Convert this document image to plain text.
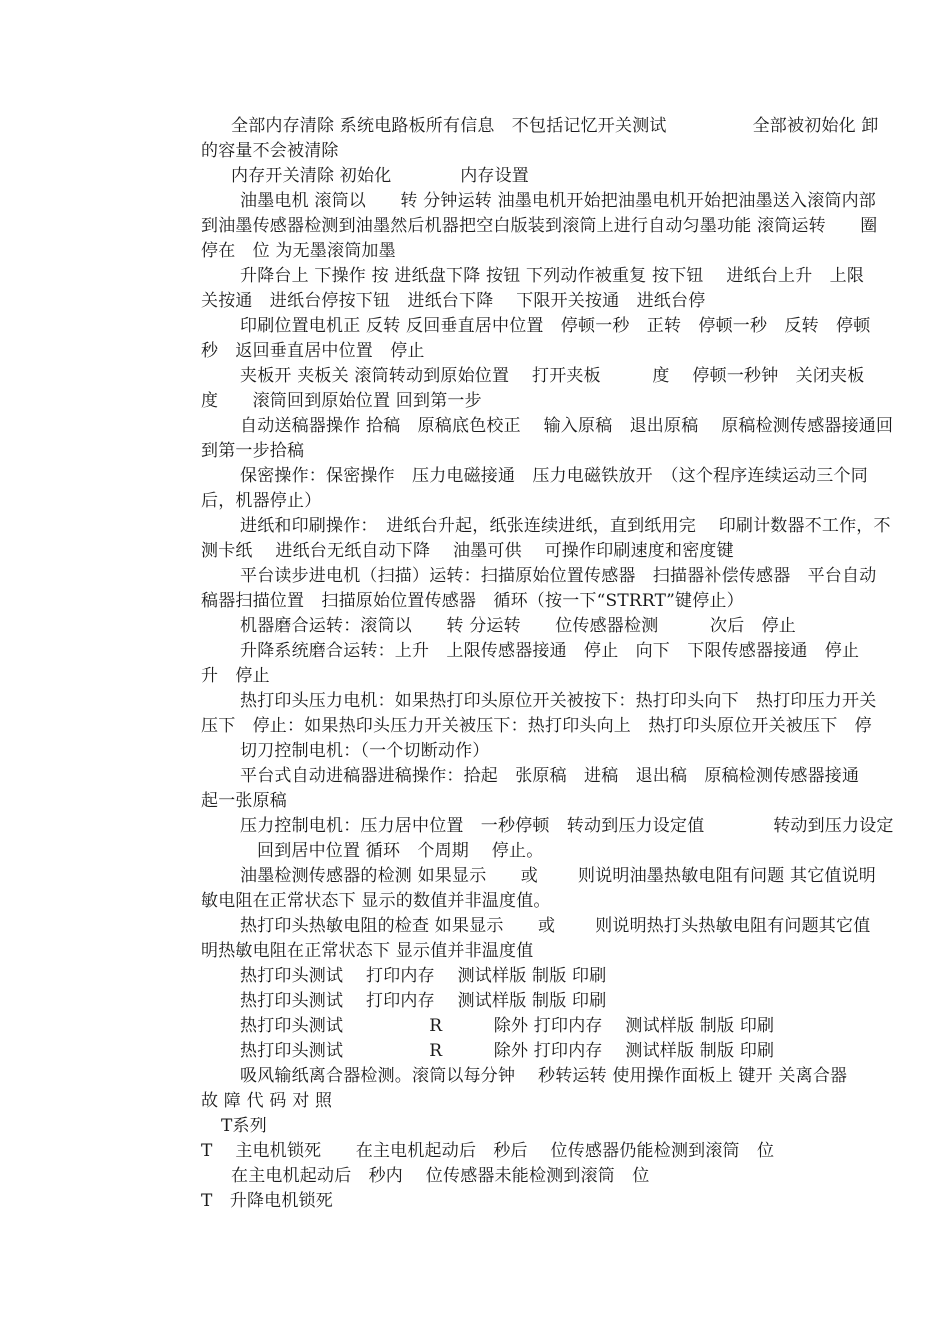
全部内存清除 系统电路板所有信息　不包括记忆开关测试　　　　　全部被初始化 卸
的容量不会被清除
内存开关清除 初始化　　　　内存设置
油墨电机 滚筒以　　转 分钟运转 油墨电机开始把油墨电机开始把油墨送入滚筒内部
到油墨传感器检测到油墨然后机器把空白版装到滚筒上进行自动匀墨功能 滚筒运转　　圈
停在　位 为无墨滚筒加墨
升降台上 下操作 按 进纸盘下降 按钮 下列动作被重复 按下钮　 进纸台上升　上限
关按通　进纸台停按下钮　进纸台下降　 下限开关按通　进纸台停
印刷位置电机正 反转 反回垂直居中位置　停顿一秒　正转　停顿一秒　反转　停顿
秒　返回垂直居中位置　停止
夹板开 夹板关 滚筒转动到原始位置　 打开夹板　　　度　 停顿一秒钟　关闭夹板
度　　滚筒回到原始位置 回到第一步
自动送稿器操作 拾稿　原稿底色校正　 输入原稿　退出原稿　 原稿检测传感器接通回
到第一步拾稿
保密操作：保密操作　压力电磁接通　压力电磁铁放开　（这个程序连续运动三个同
后，机器停止）
进纸和印刷操作：　进纸台升起，纸张连续进纸，直到纸用完　 印刷计数器不工作，不
测卡纸　 进纸台无纸自动下降　 油墨可供　 可操作印刷速度和密度键
平台读步进电机（扫描）运转：扫描原始位置传感器　扫描器补偿传感器　平台自动
稿器扫描位置　扫描原始位置传感器　循环（按一下“STRRT”键停止）
机器磨合运转：滚筒以　　转 分运转　　位传感器检测　　　次后　停止
升降系统磨合运转：上升　上限传感器接通　停止　向下　下限传感器接通　停止
升　停止
热打印头压力电机：如果热打印头原位开关被按下：热打印头向下　热打印压力开关
压下　停止：如果热印头压力开关被压下：热打印头向上　热打印头原位开关被压下　停
切刀控制电机：（一个切断动作）
平台式自动进稿器进稿操作：拾起　张原稿　进稿　退出稿　原稿检测传感器接通
起一张原稿
压力控制电机：压力居中位置　一秒停顿　转动到压力设定值　　　　转动到压力设定
回到居中位置 循环　个周期　 停止。
油墨检测传感器的检测 如果显示　　或　　 则说明油墨热敏电阻有问题 其它值说明
敏电阻在正常状态下 显示的数值并非温度值。
热打印头热敏电阻的检查 如果显示　　或　　 则说明热打头热敏电阻有问题其它值
明热敏电阻在正常状态下 显示值并非温度值
热打印头测试　 打印内存　 测试样版 制版 印刷
热打印头测试　 打印内存　 测试样版 制版 印刷
热打印头测试　　　　　R　　　除外 打印内存　 测试样版 制版 印刷
热打印头测试　　　　　R　　　除外 打印内存　 测试样版 制版 印刷
吸风输纸离合器检测。滚筒以每分钟　 秒转运转 使用操作面板上 键开 关离合器
故 障 代 码 对 照
T系列
T　 主电机锁死　　在主电机起动后　秒后　 位传感器仍能检测到滚筒　位
在主电机起动后　秒内　 位传感器未能检测到滚筒　位
T　升降电机锁死
